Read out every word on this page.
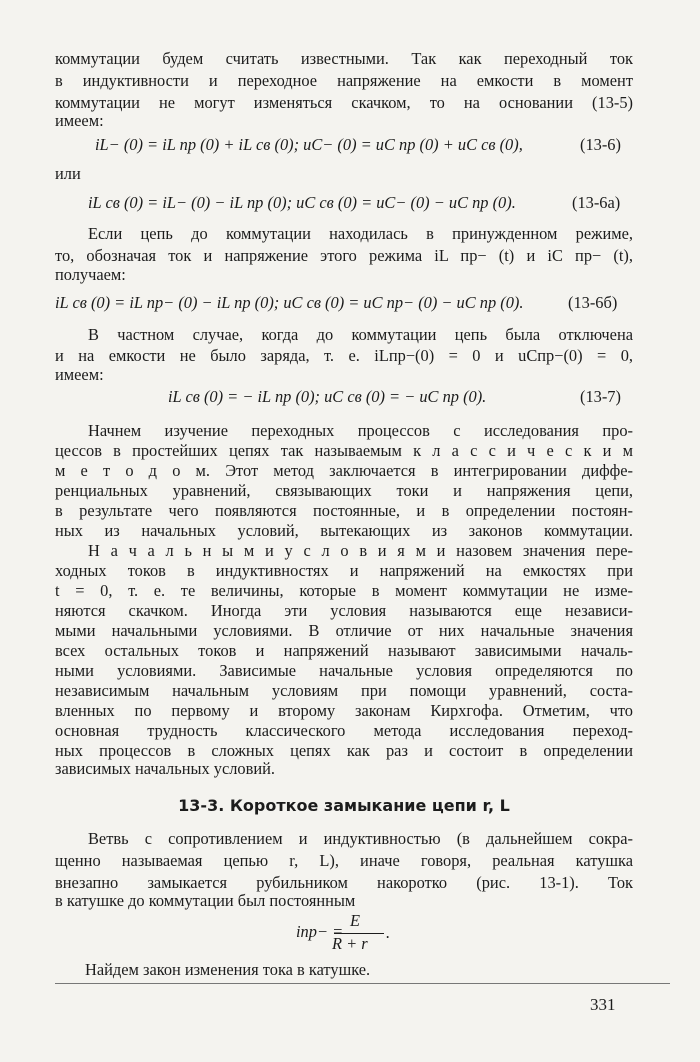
коммутации будем считать известными. Так как переходный ток
в индуктивности и переходное напряжение на емкости в момент
коммутации не могут изменяться скачком, то на основании (13-5)
имеем:
iL− (0) = iL пр (0) + iL св (0); uC− (0) = uC пр (0) + uC св (0),	(13-6)
или
iL св (0) = iL− (0) − iL пр (0); uC св (0) = uC− (0) − uC пр (0).	(13-6а)
Если цепь до коммутации находилась в принужденном режиме,
то, обозначая ток и напряжение этого режима iL пр− (t) и iC пр− (t),
получаем:
iL св (0) = iL пр− (0) − iL пр (0); uC св (0) = uC пр− (0) − uC пр (0).	(13-6б)
В частном случае, когда до коммутации цепь была отключена
и на емкости не было заряда, т. е. iLпр−(0) = 0 и uCпр−(0) = 0,
имеем:
iL св (0) = − iL пр (0); uC св (0) = − uC пр (0).	(13-7)
Начнем изучение переходных процессов с исследования про-
цессов в простейших цепях так называемым к л а с с и ч е с к и м
м е т о д о м. Этот метод заключается в интегрировании диффе-
ренциальных уравнений, связывающих токи и напряжения цепи,
в результате чего появляются постоянные, и в определении постоян-
ных из начальных условий, вытекающих из законов коммутации.
Н а ч а л ь н ы м и у с л о в и я м и назовем значения пере-
ходных токов в индуктивностях и напряжений на емкостях при
t = 0, т. е. те величины, которые в момент коммутации не изме-
няются скачком. Иногда эти условия называются еще независи-
мыми начальными условиями. В отличие от них начальные значения
всех остальных токов и напряжений называют зависимыми началь-
ными условиями. Зависимые начальные условия определяются по
независимым начальным условиям при помощи уравнений, соста-
вленных по первому и второму законам Кирхгофа. Отметим, что
основная трудность классического метода исследования переход-
ных процессов в сложных цепях как раз и состоит в определении
зависимых начальных условий.
13-3. Короткое замыкание цепи r, L
Ветвь с сопротивлением и индуктивностью (в дальнейшем сокра-
щенно называемая цепью r, L), иначе говоря, реальная катушка
внезапно замыкается рубильником накоротко (рис. 13-1). Ток
в катушке до коммутации был постоянным
iпр− =
E
R + r
.
Найдем закон изменения тока в катушке.
331
